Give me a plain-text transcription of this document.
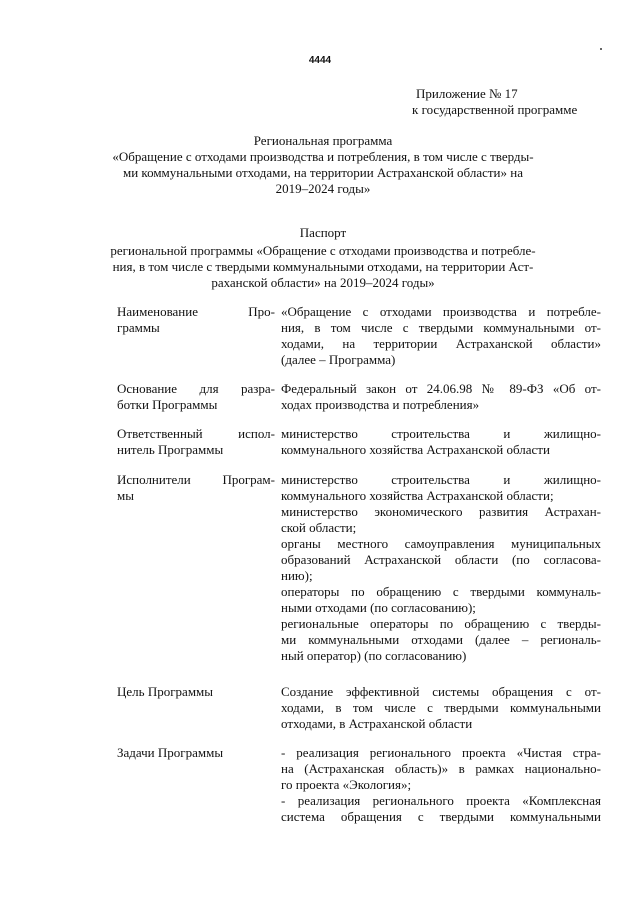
4444
Приложение № 17
к государственной программе
Региональная программа
«Обращение с отходами производства и потребления, в том числе с тверды-
ми коммунальными отходами, на территории Астраханской области» на
2019–2024 годы»
Паспорт
региональной программы «Обращение с отходами производства и потребле-
ния, в том числе с твердыми коммунальными отходами, на территории Аст-
раханской области» на 2019–2024 годы»
Наименование Про-
граммы
«Обращение с отходами производства и потребле-
ния, в том числе с твердыми коммунальными от-
ходами, на территории Астраханской области»
(далее – Программа)
Основание для разра-
ботки Программы
Федеральный закон от 24.06.98 № 89-ФЗ «Об от-
ходах производства и потребления»
Ответственный испол-
нитель Программы
министерство строительства и жилищно-
коммунального хозяйства Астраханской области
Исполнители Програм-
мы
министерство строительства и жилищно-
коммунального хозяйства Астраханской области;
министерство экономического развития Астрахан-
ской области;
органы местного самоуправления муниципальных
образований Астраханской области (по согласова-
нию);
операторы по обращению с твердыми коммуналь-
ными отходами (по согласованию);
региональные операторы по обращению с тверды-
ми коммунальными отходами (далее – региональ-
ный оператор) (по согласованию)
Цель Программы	Создание эффективной системы обращения с от-
ходами, в том числе с твердыми коммунальными
отходами, в Астраханской области
Задачи Программы	- реализация регионального проекта «Чистая стра-
на (Астраханская область)» в рамках национально-
го проекта «Экология»;
- реализация регионального проекта «Комплексная
система обращения с твердыми коммунальными
